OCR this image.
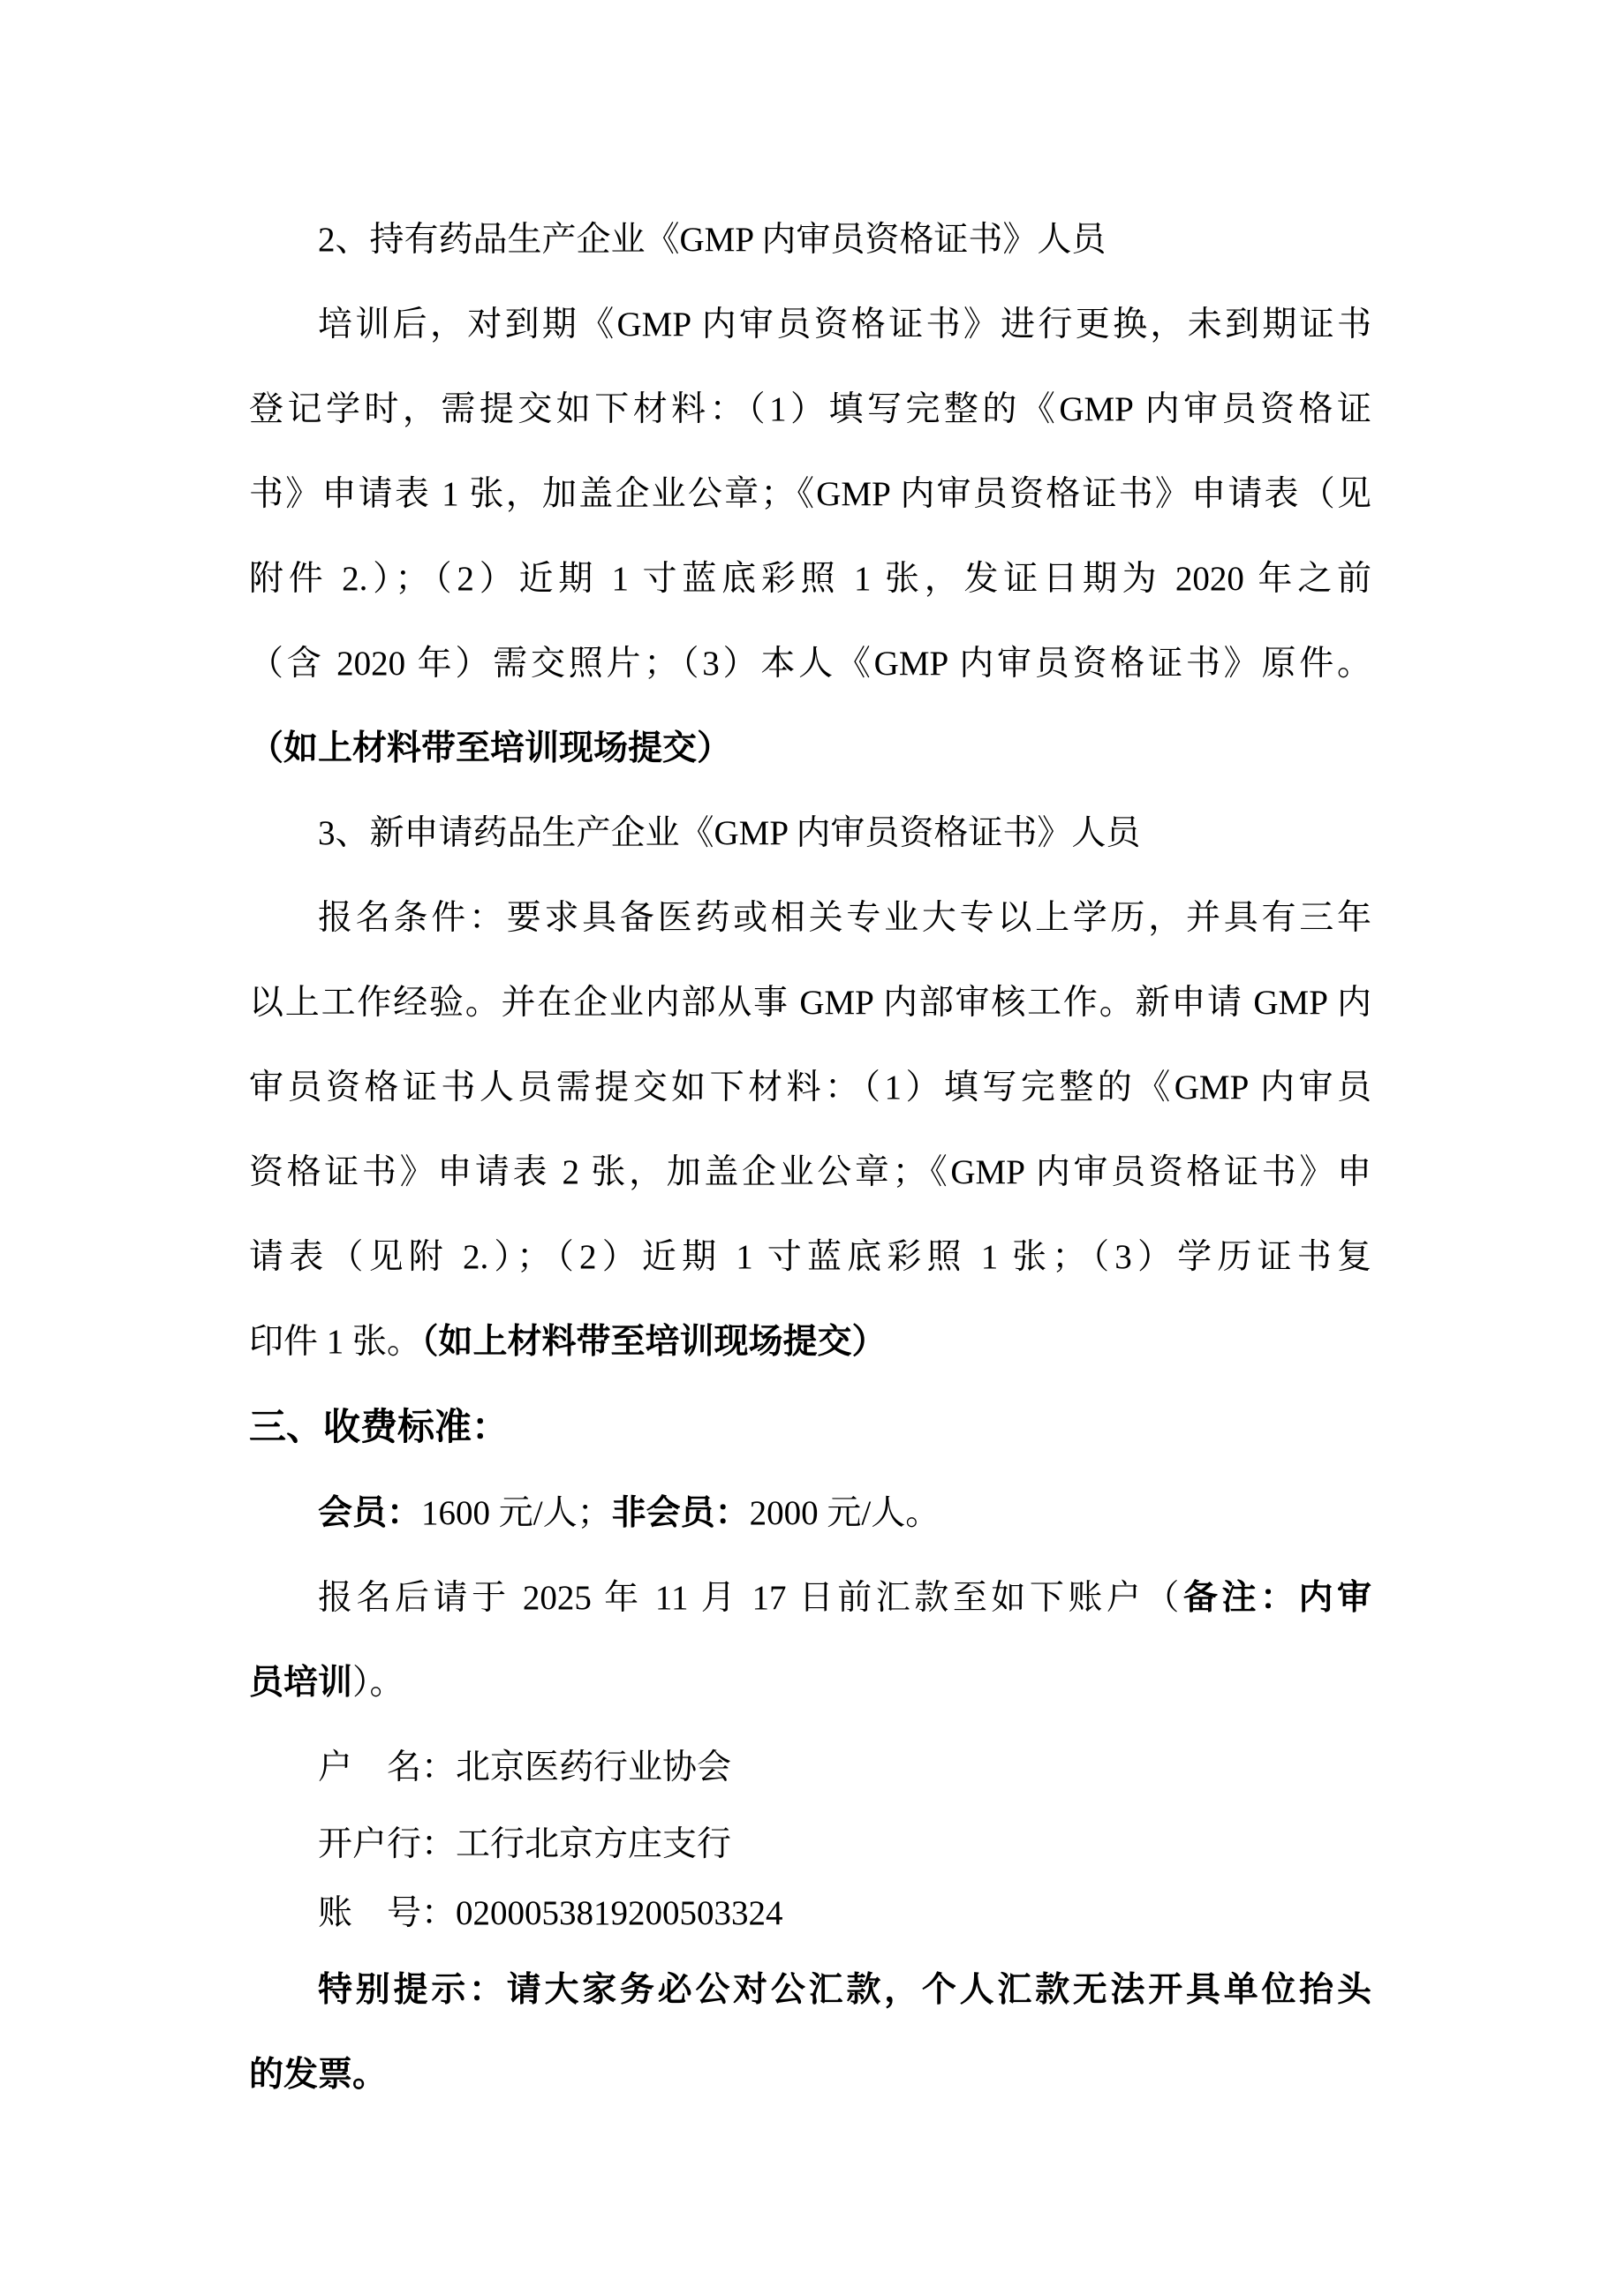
2、持有药品生产企业《GMP 内审员资格证书》人员
培训后，对到期《GMP 内审员资格证书》进行更换，未到期证书
登记学时，需提交如下材料：（1）填写完整的《GMP 内审员资格证
书》申请表 1 张，加盖企业公章；《GMP 内审员资格证书》申请表（见
附件 2.）；（2）近期 1 寸蓝底彩照 1 张，发证日期为 2020 年之前
（含 2020 年）需交照片；（3）本人《GMP 内审员资格证书》原件。
（如上材料带至培训现场提交）
3、新申请药品生产企业《GMP 内审员资格证书》人员
报名条件：要求具备医药或相关专业大专以上学历，并具有三年
以上工作经验。并在企业内部从事 GMP 内部审核工作。新申请 GMP 内
审员资格证书人员需提交如下材料：（1）填写完整的《GMP 内审员
资格证书》申请表 2 张，加盖企业公章；《GMP 内审员资格证书》申
请表（见附 2.）；（2）近期 1 寸蓝底彩照 1 张；（3）学历证书复
印件 1 张。（如上材料带至培训现场提交）
三、收费标准：
会员：1600 元/人；非会员：2000 元/人。
报名后请于 2025 年 11 月 17 日前汇款至如下账户（备注：内审
员培训）。
户　名：北京医药行业协会
开户行：工行北京方庄支行
账　号：0200053819200503324
特别提示：请大家务必公对公汇款，个人汇款无法开具单位抬头
的发票。
